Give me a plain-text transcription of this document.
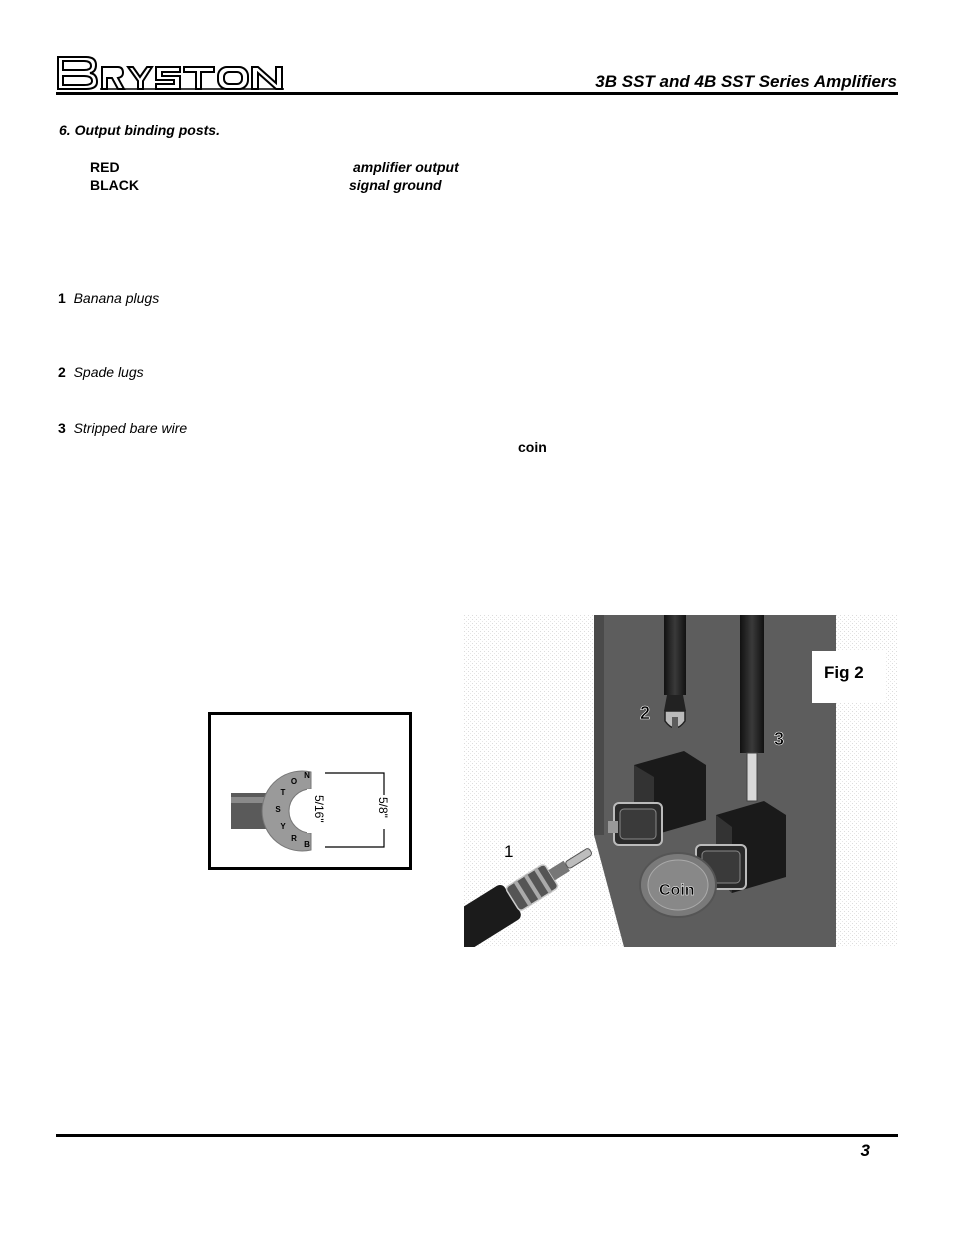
3B SST and 4B SST Series Amplifiers
6. Output binding posts.
RED	amplifier output
BLACK	signal ground
1 Banana plugs
2 Spade lugs
3 Stripped bare wire
coin
N
O
T
S
Y
R
B
5/16"	5/8"
2
3
1
Coin
Fig 2
3
